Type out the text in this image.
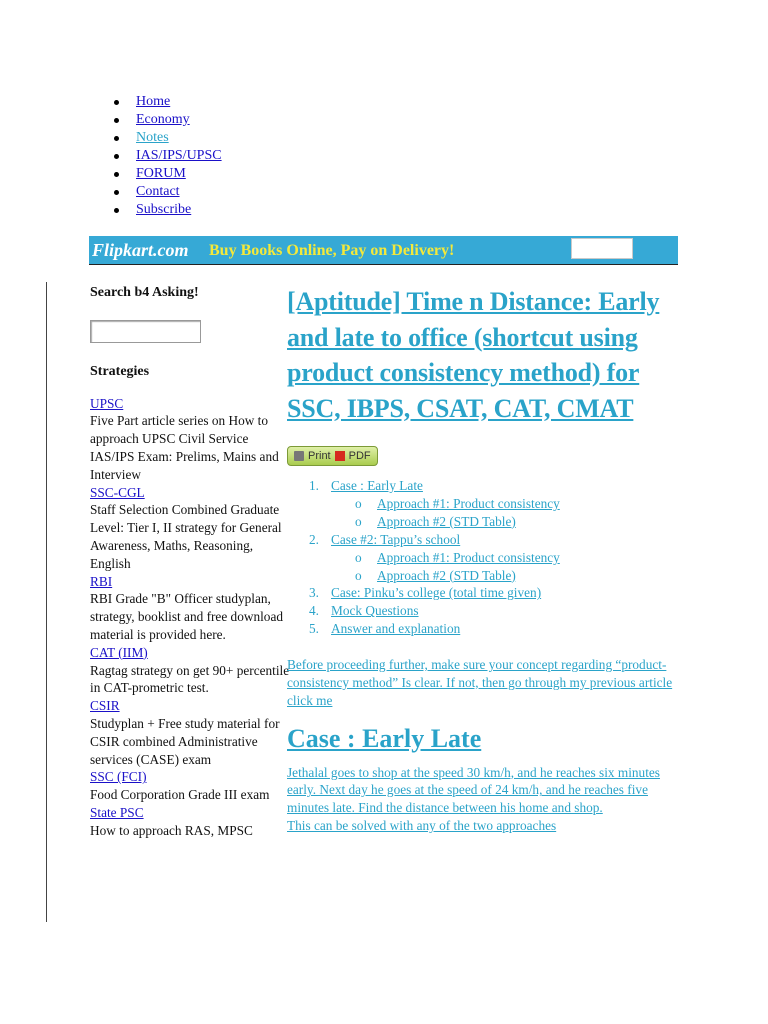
Home
Economy
Notes
IAS/IPS/UPSC
FORUM
Contact
Subscribe
Flipkart.com Buy Books Online, Pay on Delivery!

Search b4 Asking!

Strategies

UPSC
Five Part article series on How to approach UPSC Civil Service IAS/IPS Exam: Prelims, Mains and Interview
SSC-CGL
Staff Selection Combined Graduate Level: Tier I, II strategy for General Awareness, Maths, Reasoning, English
RBI
RBI Grade "B" Officer studyplan, strategy, booklist and free download material is provided here.
CAT (IIM)
Ragtag strategy on get 90+ percentile in CAT-prometric test.
CSIR
Studyplan + Free study material for CSIR combined Administrative services (CASE) exam
SSC (FCI)
Food Corporation Grade III exam
State PSC
How to approach RAS, MPSC
[Aptitude] Time n Distance: Early and late to office (shortcut using product consistency method) for SSC, IBPS, CSAT, CAT, CMAT
Print PDF
1. Case : Early Late
o Approach #1: Product consistency
o Approach #2 (STD Table)
2. Case #2: Tappu’s school
o Approach #1: Product consistency
o Approach #2 (STD Table)
3. Case: Pinku’s college (total time given)
4. Mock Questions
5. Answer and explanation
Before proceeding further, make sure your concept regarding “product-consistency method” Is clear. If not, then go through my previous article click me
Case : Early Late
Jethalal goes to shop at the speed 30 km/h, and he reaches six minutes early. Next day he goes at the speed of 24 km/h, and he reaches five minutes late. Find the distance between his home and shop.
This can be solved with any of the two approaches
